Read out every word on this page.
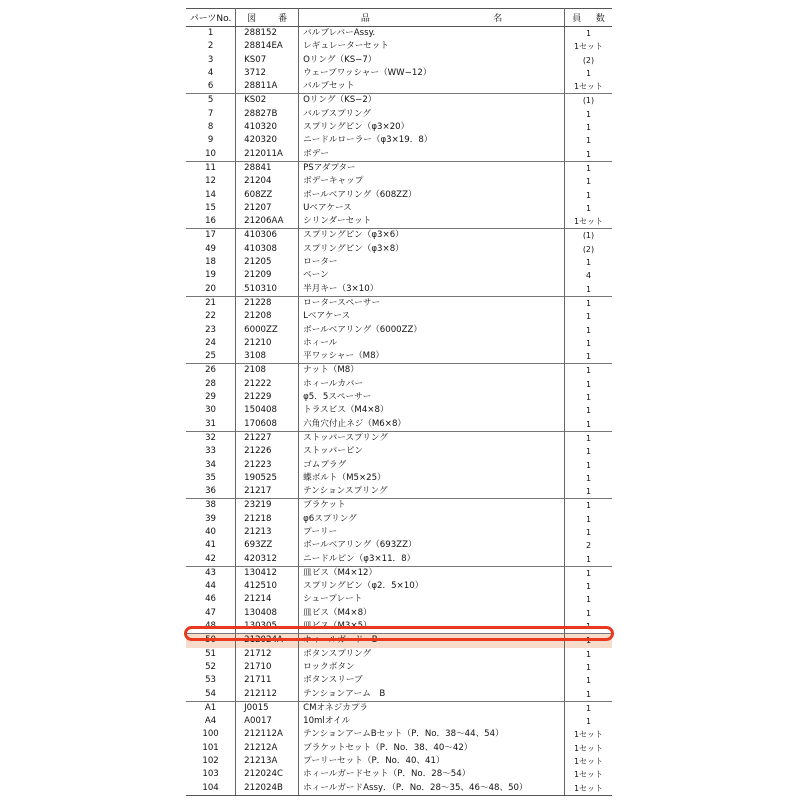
パーツNo.	図 番	品 名	員 数

1	288152	バルブレバーAssy.	1
2	28814EA	レギュレーターセット	1セット
3	KS07	Oリング（KS−7）	(2)
4	3712	ウェーブワッシャー（WW−12）	1
6	28811A	バルブセット	1セット
5	KS02	Oリング（KS−2）	(1)
7	28827B	バルブスプリング	1
8	410320	スプリングピン（φ3×20）	1
9	420320	ニードルローラー（φ3×19．8）	1
10	212011A	ボデー	1
11	28841	PSアダプター	1
12	21204	ボデーキャップ	1
14	608ZZ	ボールベアリング（608ZZ）	1
15	21207	Uベアケース	1
16	21206AA	シリンダーセット	1セット
17	410306	スプリングピン（φ3×6）	(1)
49	410308	スプリングピン（φ3×8）	(2)
18	21205	ローター	1
19	21209	ベーン	4
20	510310	半月キー（3×10）	1
21	21228	ロータースペーサー	1
22	21208	Lベアケース	1
23	6000ZZ	ボールベアリング（6000ZZ）	1
24	21210	ホィール	1
25	3108	平ワッシャー（M8）	1
26	2108	ナット（M8）	1
28	21222	ホィールカバー	1
29	21229	φ5．5スペーサー	1
30	150408	トラスビス（M4×8）	1
31	170608	六角穴付止ネジ（M6×8）	1
32	21227	ストッパースプリング	1
33	21226	ストッパーピン	1
34	21223	ゴムプラグ	1
35	190525	蝶ボルト（M5×25）	1
36	21217	テンションスプリング	1
38	23219	ブラケット	1
39	21218	φ6スプリング	1
40	21213	プーリー	1
41	693ZZ	ボールベアリング（693ZZ）	2
42	420312	ニードルピン（φ3×11．8）	1
43	130412	皿ビス（M4×12）	1
44	412510	スプリングピン（φ2．5×10）	1
46	21214	シュープレート	1
47	130408	皿ビス（M4×8）	1
48	130305	皿ビス（M3×5）	1
50	212024A	ホィールガード　B	1
51	21712	ボタンスプリング	1
52	21710	ロックボタン	1
53	21711	ボタンスリーブ	1
54	212112	テンションアーム　B	1
A1	J0015	CMオネジカプラ	1
A4	A0017	10mlオイル	1
100	212112A	テンションアームBセット（P．No．38〜44、54）	1セット
101	21212A	ブラケットセット（P．No．38、40〜42）	1セット
102	21213A	プーリーセット（P．No．40、41）	1セット
103	212024C	ホィールガードセット（P．No．28〜54）	1セット
104	212024B	ホィールガードAssy．（P．No．28〜35、46〜48、50）	1セット
